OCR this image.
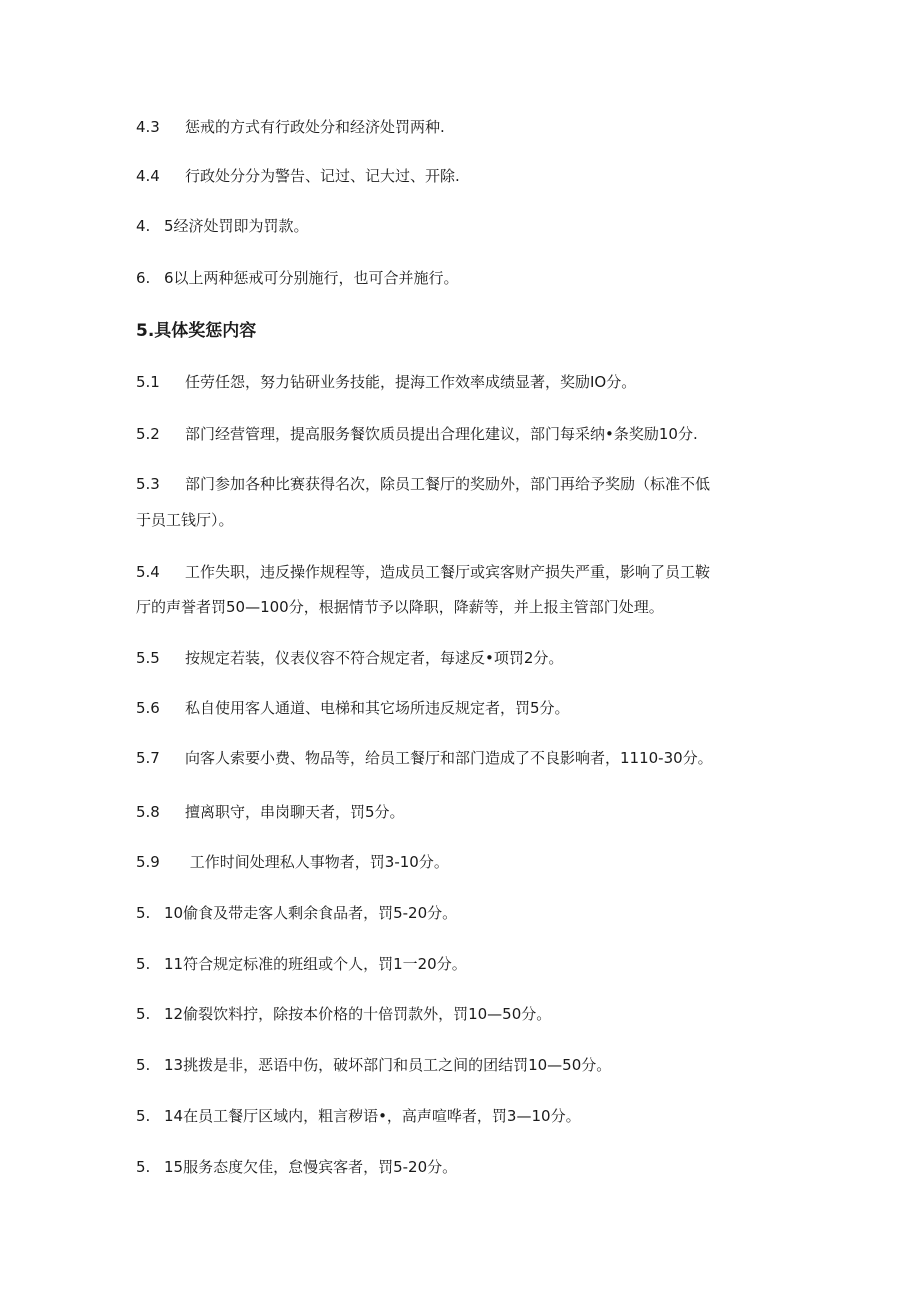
4.3 惩戒的方式有行政处分和经济处罚两种.
4.4 行政处分分为警告、记过、记大过、开除.
4. 5经济处罚即为罚款。
6. 6以上两种惩戒可分别施行，也可合并施行。
5.具体奖惩内容
5.1 任劳任怨，努力钻研业务技能，提海工作效率成绩显著，奖励IO分。
5.2 部门经营管理，提高服务餐饮质员提出合理化建议，部门每采纳•条奖励10分.
5.3 部门参加各种比赛获得名次，除员工餐厅的奖励外，部门再给予奖励（标准不低
于员工钱厅）。
5.4 工作失职，违反操作规程等，造成员工餐厅或宾客财产损失严重，影响了员工鞍
厅的声誉者罚50—100分，根据情节予以降职，降薪等，并上报主管部门处理。
5.5 按规定若装，仪表仪容不符合规定者，每逑反•项罚2分。
5.6 私自使用客人通道、电梯和其它场所违反规定者，罚5分。
5.7 向客人索要小费、物品等，给员工餐厅和部门造成了不良影响者，1110-30分。
5.8 擅离职守，串岗聊天者，罚5分。
5.9 工作时间处理私人事物者，罚3-10分。
5. 10偷食及带走客人剩余食品者，罚5-20分。
5. 11符合规定标准的班组或个人，罚1一20分。
5. 12偷裂饮料拧，除按本价格的十倍罚款外，罚10—50分。
5. 13挑拨是非，恶语中伤，破坏部门和员工之间的团结罚10—50分。
5. 14在员工餐厅区域内，粗言秽语•，高声喧哗者，罚3—10分。
5. 15服务态度欠佳，怠慢宾客者，罚5-20分。
